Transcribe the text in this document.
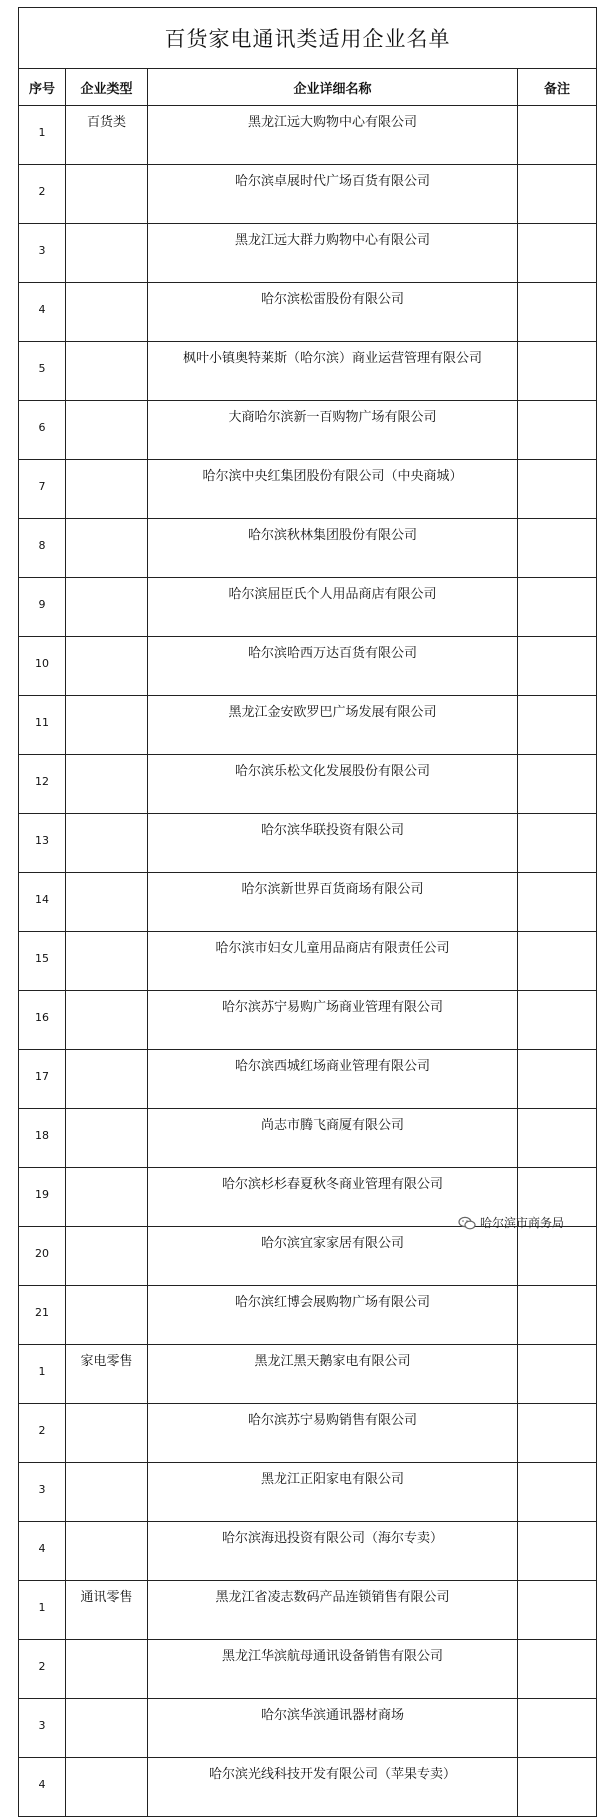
百货家电通讯类适用企业名单			
序号	企业类型	企业详细名称	备注
1	百货类	黑龙江远大购物中心有限公司	
2		哈尔滨卓展时代广场百货有限公司	
3		黑龙江远大群力购物中心有限公司	
4		哈尔滨松雷股份有限公司	
5		枫叶小镇奥特莱斯（哈尔滨）商业运营管理有限公司	
6		大商哈尔滨新一百购物广场有限公司	
7		哈尔滨中央红集团股份有限公司（中央商城）	
8		哈尔滨秋林集团股份有限公司	
9		哈尔滨屈臣氏个人用品商店有限公司	
10		哈尔滨哈西万达百货有限公司	
11		黑龙江金安欧罗巴广场发展有限公司	
12		哈尔滨乐松文化发展股份有限公司	
13		哈尔滨华联投资有限公司	
14		哈尔滨新世界百货商场有限公司	
15		哈尔滨市妇女儿童用品商店有限责任公司	
16		哈尔滨苏宁易购广场商业管理有限公司	
17		哈尔滨西城红场商业管理有限公司	
18		尚志市腾飞商厦有限公司	
19		哈尔滨杉杉春夏秋冬商业管理有限公司	
20		哈尔滨宜家家居有限公司	
21		哈尔滨红博会展购物广场有限公司	
1	家电零售	黑龙江黑天鹅家电有限公司	
2		哈尔滨苏宁易购销售有限公司	
3		黑龙江正阳家电有限公司	
4		哈尔滨海迅投资有限公司（海尔专卖）	
1	通讯零售	黑龙江省凌志数码产品连锁销售有限公司	
2		黑龙江华滨航母通讯设备销售有限公司	
3		哈尔滨华滨通讯器材商场	
4		哈尔滨光线科技开发有限公司（苹果专卖）	
哈尔滨市商务局
